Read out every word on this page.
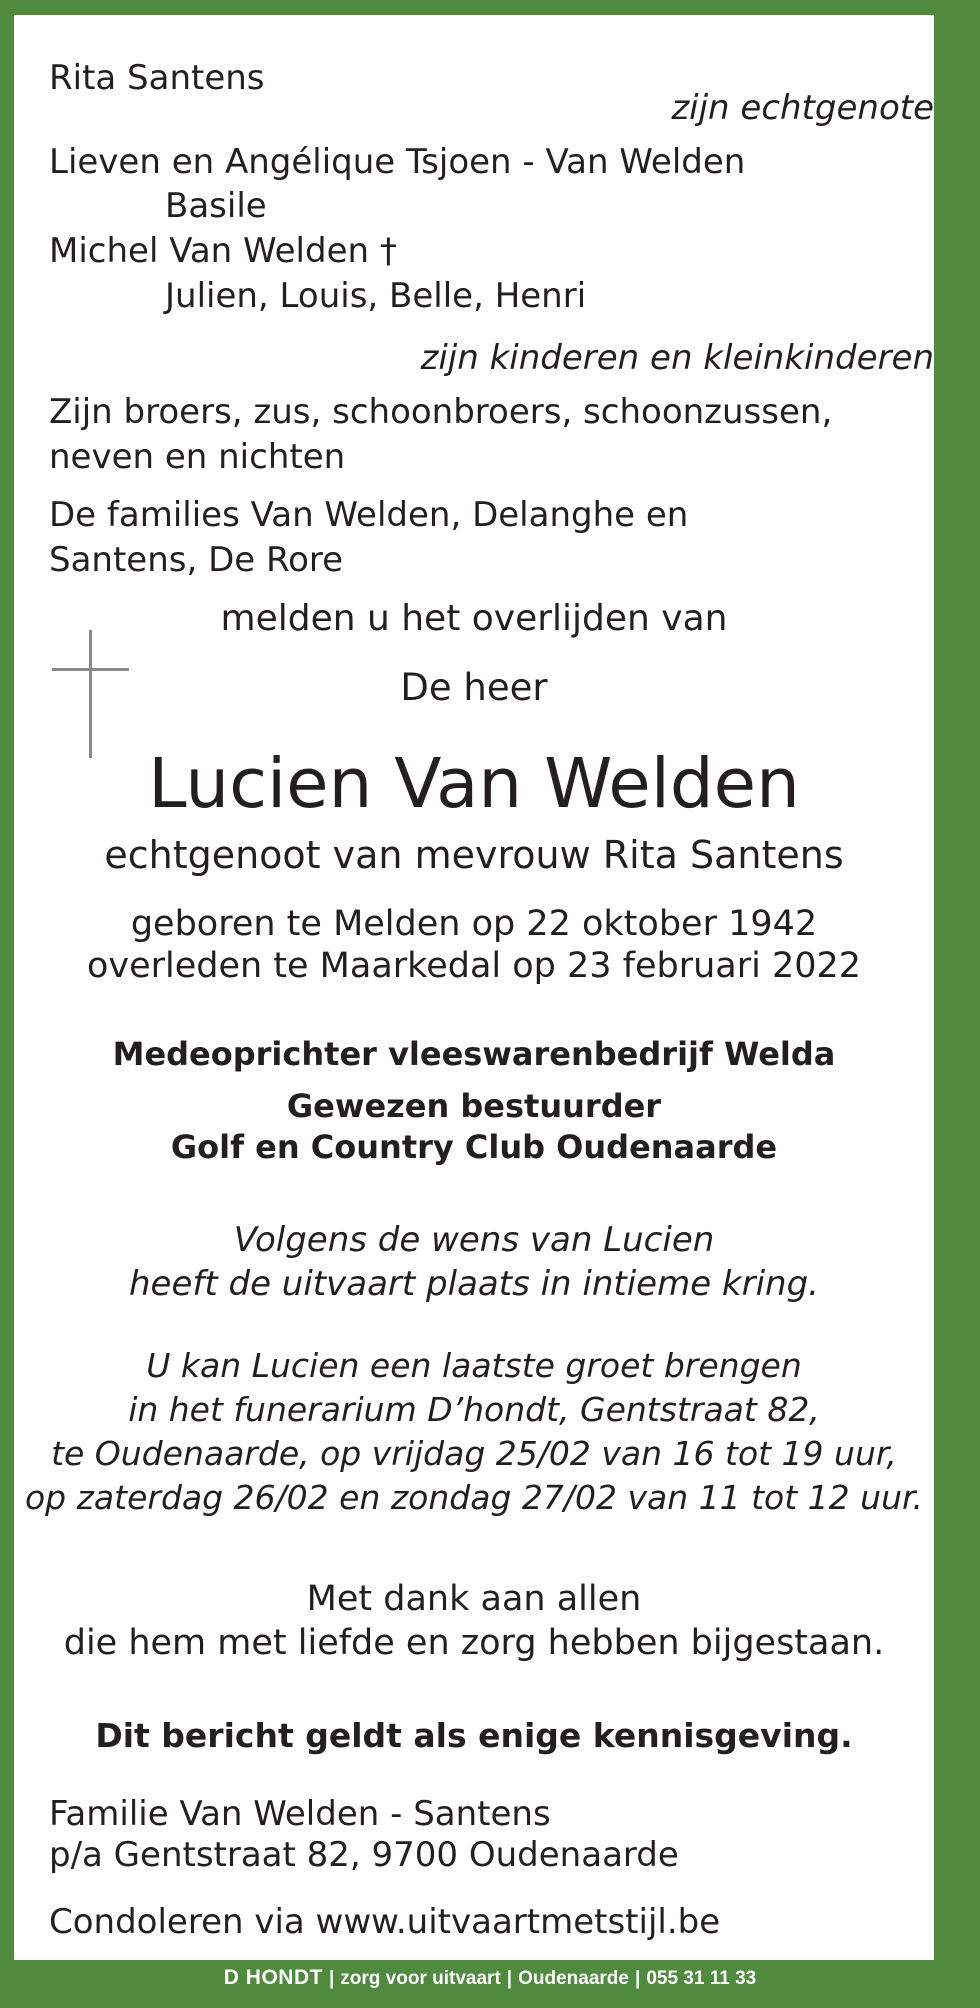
Rita Santens
zijn echtgenote
Lieven en Angélique Tsjoen - Van Welden
Basile
Michel Van Welden †
Julien, Louis, Belle, Henri
zijn kinderen en kleinkinderen
Zijn broers, zus, schoonbroers, schoonzussen,
neven en nichten
De families Van Welden, Delanghe en
Santens, De Rore
melden u het overlijden van
De heer
Lucien Van Welden
echtgenoot van mevrouw Rita Santens
geboren te Melden op 22 oktober 1942
overleden te Maarkedal op 23 februari 2022
Medeoprichter vleeswarenbedrijf Welda
Gewezen bestuurder
Golf en Country Club Oudenaarde
Volgens de wens van Lucien
heeft de uitvaart plaats in intieme kring.
U kan Lucien een laatste groet brengen
in het funerarium D’hondt, Gentstraat 82,
te Oudenaarde, op vrijdag 25/02 van 16 tot 19 uur,
op zaterdag 26/02 en zondag 27/02 van 11 tot 12 uur.
Met dank aan allen
die hem met liefde en zorg hebben bijgestaan.
Dit bericht geldt als enige kennisgeving.
Familie Van Welden - Santens
p/a Gentstraat 82, 9700 Oudenaarde
Condoleren via www.uitvaartmetstijl.be
D HONDT | zorg voor uitvaart | Oudenaarde | 055 31 11 33
